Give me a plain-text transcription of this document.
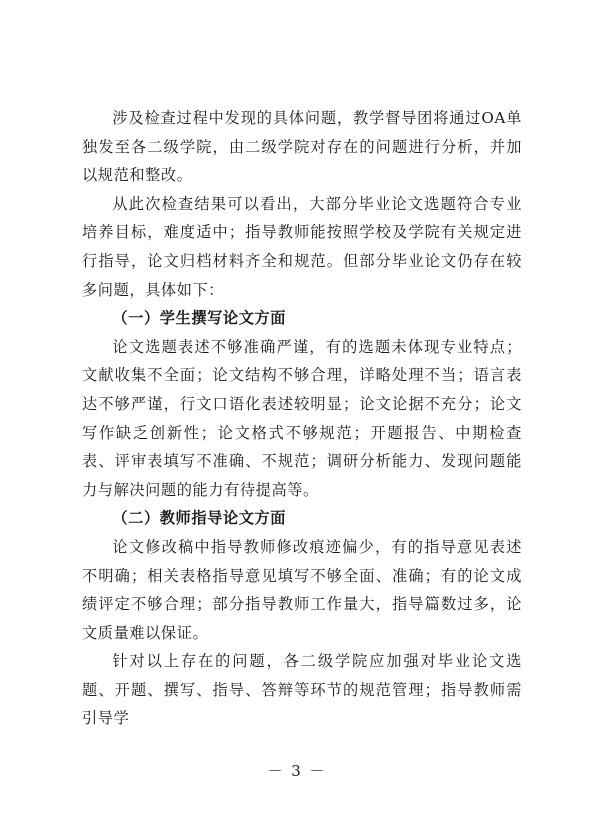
涉及检查过程中发现的具体问题，教学督导团将通过OA单独发至各二级学院，由二级学院对存在的问题进行分析，并加以规范和整改。

从此次检查结果可以看出，大部分毕业论文选题符合专业培养目标，难度适中；指导教师能按照学校及学院有关规定进行指导，论文归档材料齐全和规范。但部分毕业论文仍存在较多问题，具体如下：

（一）学生撰写论文方面

论文选题表述不够准确严谨，有的选题未体现专业特点；文献收集不全面；论文结构不够合理，详略处理不当；语言表达不够严谨，行文口语化表述较明显；论文论据不充分；论文写作缺乏创新性；论文格式不够规范；开题报告、中期检查表、评审表填写不准确、不规范；调研分析能力、发现问题能力与解决问题的能力有待提高等。

（二）教师指导论文方面

论文修改稿中指导教师修改痕迹偏少，有的指导意见表述不明确；相关表格指导意见填写不够全面、准确；有的论文成绩评定不够合理；部分指导教师工作量大，指导篇数过多，论文质量难以保证。

针对以上存在的问题，各二级学院应加强对毕业论文选题、开题、撰写、指导、答辩等环节的规范管理；指导教师需引导学

－ 3 －
